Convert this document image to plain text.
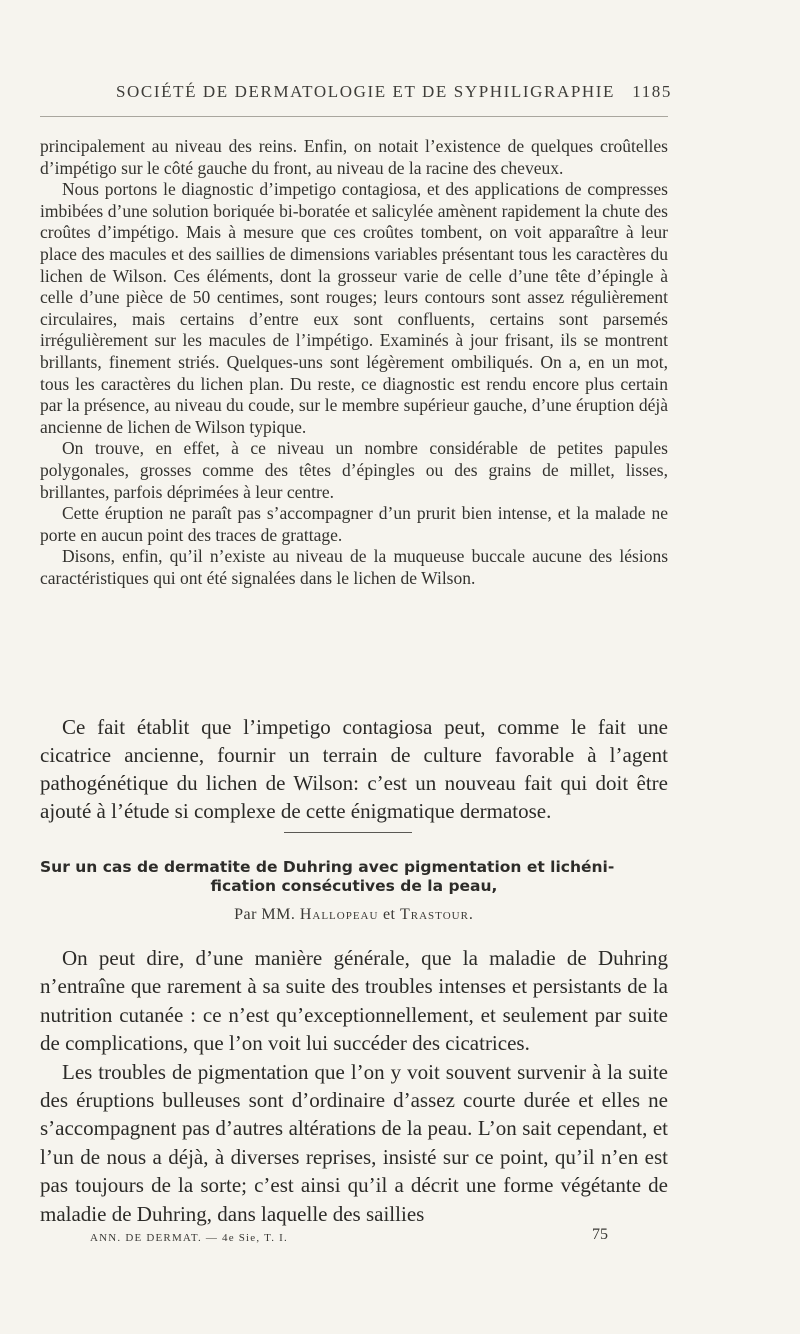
SOCIÉTÉ DE DERMATOLOGIE ET DE SYPHILIGRAPHIE 1185

principalement au niveau des reins. Enfin, on notait l’existence de quelques croûtelles d’impétigo sur le côté gauche du front, au niveau de la racine des cheveux.

Nous portons le diagnostic d’impetigo contagiosa, et des applications de compresses imbibées d’une solution boriquée bi-boratée et salicylée amènent rapidement la chute des croûtes d’impétigo. Mais à mesure que ces croûtes tombent, on voit apparaître à leur place des macules et des saillies de dimensions variables présentant tous les caractères du lichen de Wilson. Ces éléments, dont la grosseur varie de celle d’une tête d’épingle à celle d’une pièce de 50 centimes, sont rouges; leurs contours sont assez régulièrement circulaires, mais certains d’entre eux sont confluents, certains sont parsemés irrégulièrement sur les macules de l’impétigo. Examinés à jour frisant, ils se montrent brillants, finement striés. Quelques-uns sont légèrement ombiliqués. On a, en un mot, tous les caractères du lichen plan. Du reste, ce diagnostic est rendu encore plus certain par la présence, au niveau du coude, sur le membre supérieur gauche, d’une éruption déjà ancienne de lichen de Wilson typique.

On trouve, en effet, à ce niveau un nombre considérable de petites papules polygonales, grosses comme des têtes d’épingles ou des grains de millet, lisses, brillantes, parfois déprimées à leur centre.

Cette éruption ne paraît pas s’accompagner d’un prurit bien intense, et la malade ne porte en aucun point des traces de grattage.

Disons, enfin, qu’il n’existe au niveau de la muqueuse buccale aucune des lésions caractéristiques qui ont été signalées dans le lichen de Wilson.

Ce fait établit que l’impetigo contagiosa peut, comme le fait une cicatrice ancienne, fournir un terrain de culture favorable à l’agent pathogénétique du lichen de Wilson: c’est un nouveau fait qui doit être ajouté à l’étude si complexe de cette énigmatique dermatose.

Sur un cas de dermatite de Duhring avec pigmentation et lichéni-
fication consécutives de la peau,
Par MM. Hallopeau et Trastour.

On peut dire, d’une manière générale, que la maladie de Duhring n’entraîne que rarement à sa suite des troubles intenses et persistants de la nutrition cutanée : ce n’est qu’exceptionnellement, et seulement par suite de complications, que l’on voit lui succéder des cicatrices.

Les troubles de pigmentation que l’on y voit souvent survenir à la suite des éruptions bulleuses sont d’ordinaire d’assez courte durée et elles ne s’accompagnent pas d’autres altérations de la peau. L’on sait cependant, et l’un de nous a déjà, à diverses reprises, insisté sur ce point, qu’il n’en est pas toujours de la sorte; c’est ainsi qu’il a décrit une forme végétante de maladie de Duhring, dans laquelle des saillies

ANN. DE DERMAT. — 4e Sie, T. I.	75
